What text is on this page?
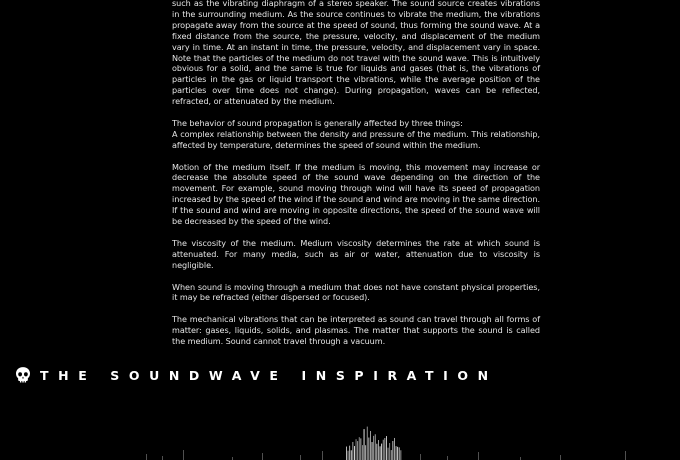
such as the vibrating diaphragm of a stereo speaker. The sound source creates vibrations in the surrounding medium. As the source continues to vibrate the medium, the vibrations propagate away from the source at the speed of sound, thus forming the sound wave. At a fixed distance from the source, the pressure, velocity, and displacement of the medium vary in time. At an instant in time, the pressure, velocity, and displacement vary in space. Note that the particles of the medium do not travel with the sound wave. This is intuitively obvious for a solid, and the same is true for liquids and gases (that is, the vibrations of particles in the gas or liquid transport the vibrations, while the average position of the particles over time does not change). During propagation, waves can be reflected, refracted, or attenuated by the medium.

The behavior of sound propagation is generally affected by three things:

A complex relationship between the density and pressure of the medium. This relationship, affected by temperature, determines the speed of sound within the medium.

Motion of the medium itself. If the medium is moving, this movement may increase or decrease the absolute speed of the sound wave depending on the direction of the movement. For example, sound moving through wind will have its speed of propagation increased by the speed of the wind if the sound and wind are moving in the same direction. If the sound and wind are moving in opposite directions, the speed of the sound wave will be decreased by the speed of the wind.

The viscosity of the medium. Medium viscosity determines the rate at which sound is attenuated. For many media, such as air or water, attenuation due to viscosity is negligible.

When sound is moving through a medium that does not have constant physical properties, it may be refracted (either dispersed or focused).

The mechanical vibrations that can be interpreted as sound can travel through all forms of matter: gases, liquids, solids, and plasmas. The matter that supports the sound is called the medium. Sound cannot travel through a vacuum.

THE SOUNDWAVE INSPIRATION
